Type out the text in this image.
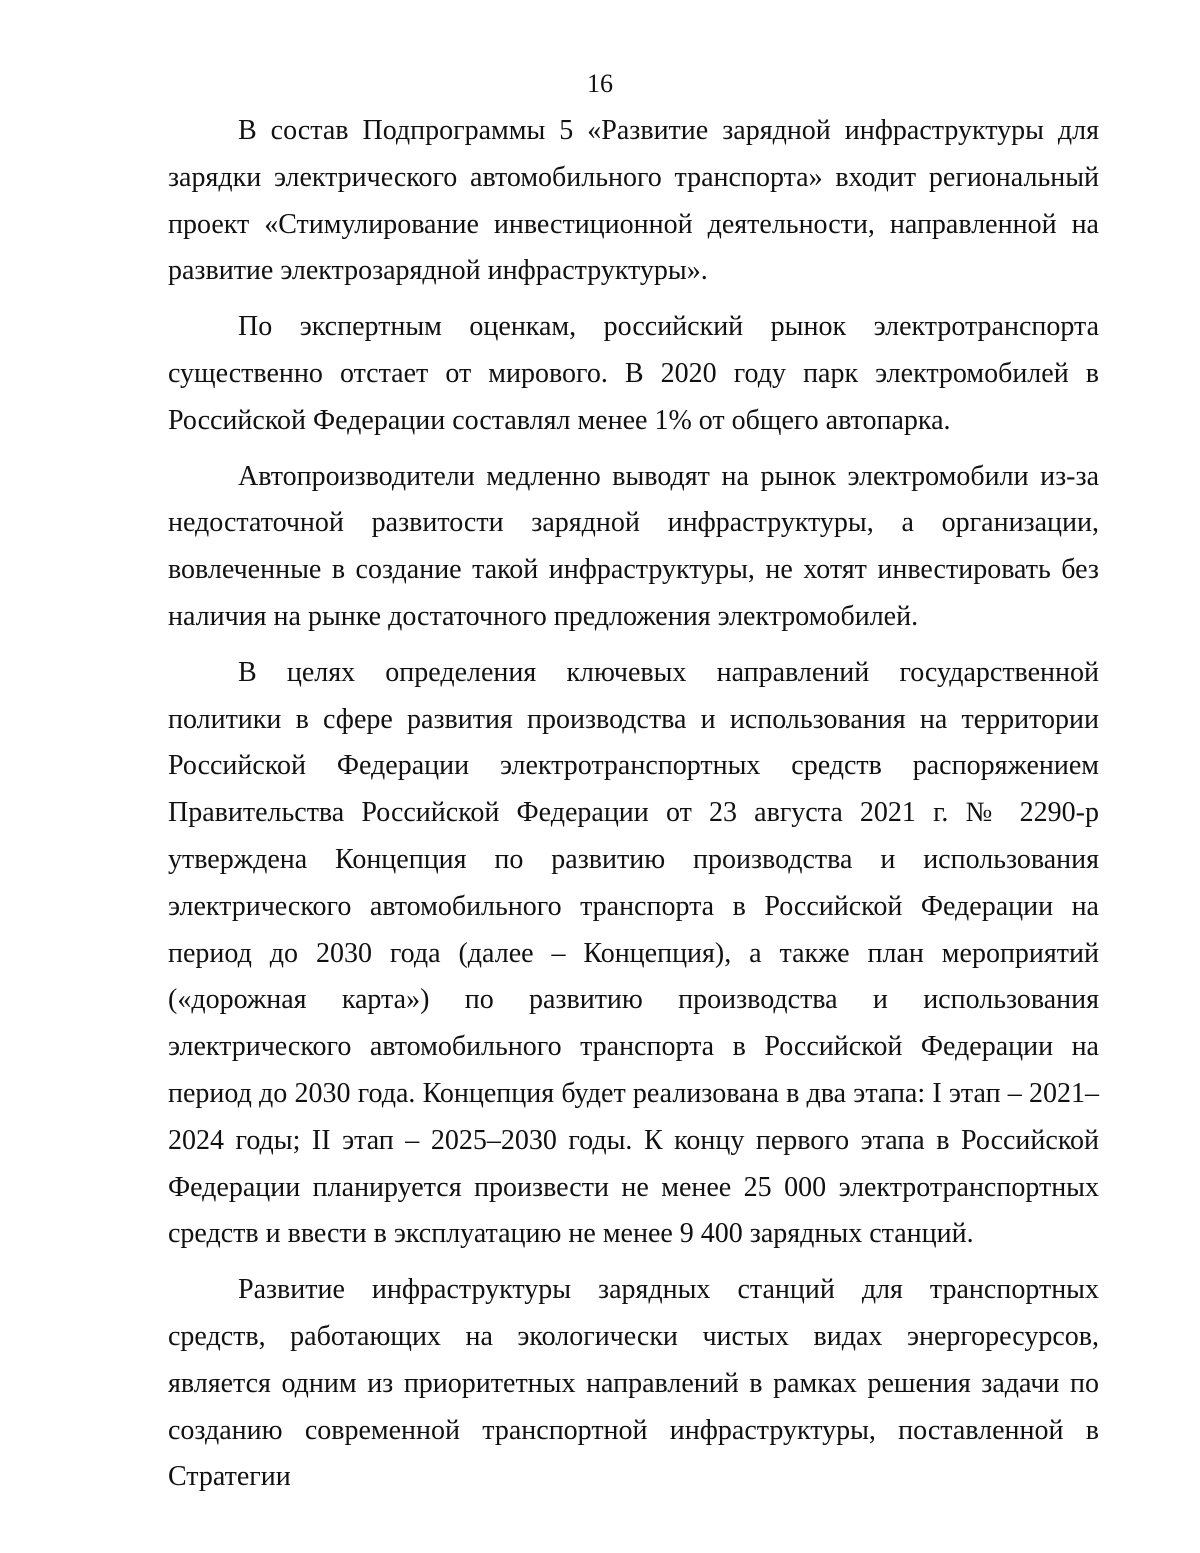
16

В состав Подпрограммы 5 «Развитие зарядной инфраструктуры для зарядки электрического автомобильного транспорта» входит региональный проект «Стимулирование инвестиционной деятельности, направленной на развитие электрозарядной инфраструктуры».

По экспертным оценкам, российский рынок электротранспорта существенно отстает от мирового. В 2020 году парк электромобилей в Российской Федерации составлял менее 1% от общего автопарка.

Автопроизводители медленно выводят на рынок электромобили из-за недостаточной развитости зарядной инфраструктуры, а организации, вовлеченные в создание такой инфраструктуры, не хотят инвестировать без наличия на рынке достаточного предложения электромобилей.

В целях определения ключевых направлений государственной политики в сфере развития производства и использования на территории Российской Федерации электротранспортных средств распоряжением Правительства Российской Федерации от 23 августа 2021 г. № 2290-р утверждена Концепция по развитию производства и использования электрического автомобильного транспорта в Российской Федерации на период до 2030 года (далее – Концепция), а также план мероприятий («дорожная карта») по развитию производства и использования электрического автомобильного транспорта в Российской Федерации на период до 2030 года. Концепция будет реализована в два этапа: I этап – 2021–2024 годы; II этап – 2025–2030 годы. К концу первого этапа в Российской Федерации планируется произвести не менее 25 000 электротранспортных средств и ввести в эксплуатацию не менее 9 400 зарядных станций.

Развитие инфраструктуры зарядных станций для транспортных средств, работающих на экологически чистых видах энергоресурсов, является одним из приоритетных направлений в рамках решения задачи по созданию современной транспортной инфраструктуры, поставленной в Стратегии
